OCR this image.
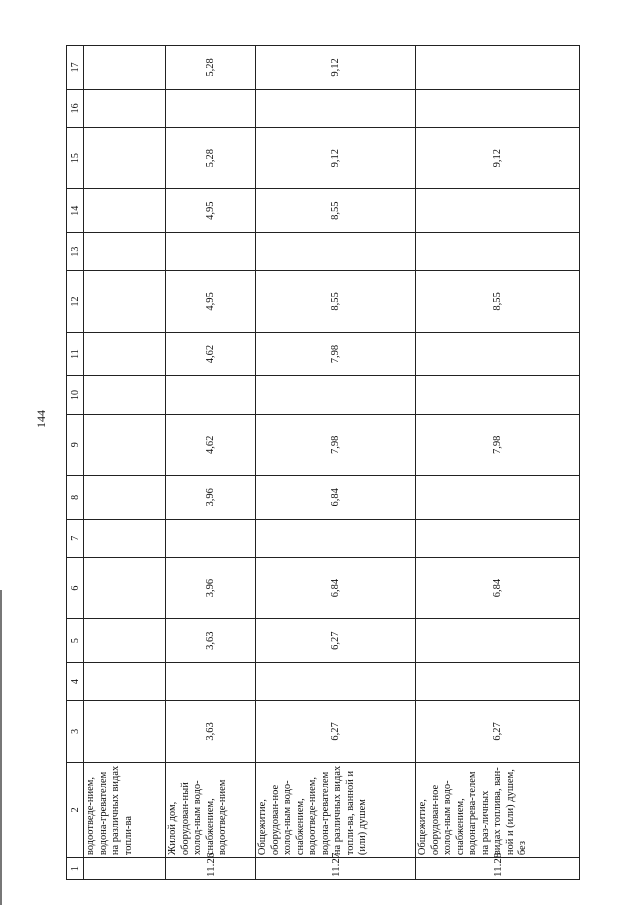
144
1	2	3	4	5	6	7	8	9	10	11	12	13	14	15	16	17
	водоотведе-нием, водона-гревателем на различных видах топли-ва															
11.26	Жилой дом, оборудован-ный холод-ным водо-снабжением, водоотведе-нием	3,63		3,63	3,96		3,96	4,62		4,62	4,95		4,95	5,28		5,28
11.27	Общежитие, оборудован-ное холод-ным водо-снабжением, водоотведе-нием, водона-гревателем на различных видах топли-ва, ванной и (или) душем	6,27		6,27	6,84		6,84	7,98		7,98	8,55		8,55	9,12		9,12
11.28	Общежитие, оборудован-ное холод-ным водо-снабжением, водонагрева-телем на раз-личных видах топлива, ван-ной и (или) душем, без	6,27			6,84			7,98			8,55			9,12		
